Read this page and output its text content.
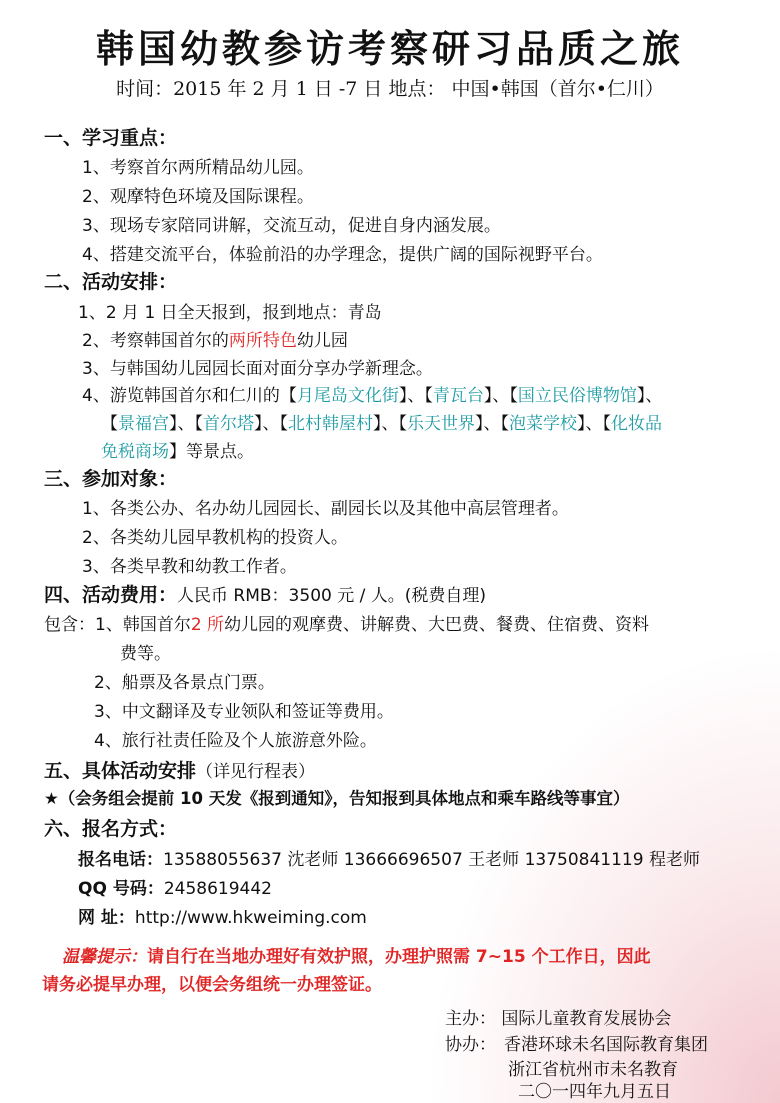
韩国幼教参访考察研习品质之旅
时间：2015 年 2 月 1 日 -7 日 地点： 中国•韩国（首尔•仁川）
一、学习重点：
1、考察首尔两所精品幼儿园。
2、观摩特色环境及国际课程。
3、现场专家陪同讲解，交流互动，促进自身内涵发展。
4、搭建交流平台，体验前沿的办学理念，提供广阔的国际视野平台。
二、活动安排：
1、2 月 1 日全天报到，报到地点：青岛
2、考察韩国首尔的两所特色幼儿园
3、与韩国幼儿园园长面对面分享办学新理念。
4、游览韩国首尔和仁川的【月尾岛文化街】、【青瓦台】、【国立民俗博物馆】、
【景福宫】、【首尔塔】、【北村韩屋村】、【乐天世界】、【泡菜学校】、【化妆品
免税商场】等景点。
三、参加对象：
1、各类公办、名办幼儿园园长、副园长以及其他中高层管理者。
2、各类幼儿园早教机构的投资人。
3、各类早教和幼教工作者。
四、活动费用：人民币 RMB：3500 元 / 人。(税费自理)
包含：1、韩国首尔2 所幼儿园的观摩费、讲解费、大巴费、餐费、住宿费、资料
费等。
2、船票及各景点门票。
3、中文翻译及专业领队和签证等费用。
4、旅行社责任险及个人旅游意外险。
五、具体活动安排（详见行程表）
★（会务组会提前 10 天发《报到通知》，告知报到具体地点和乘车路线等事宜）
六、报名方式：
报名电话：13588055637 沈老师 13666696507 王老师 13750841119 程老师
QQ 号码：2458619442
网 址：http://www.hkweiming.com
温馨提示：请自行在当地办理好有效护照，办理护照需 7~15 个工作日，因此
请务必提早办理，以便会务组统一办理签证。
主办： 国际儿童教育发展协会
协办： 香港环球未名国际教育集团
浙江省杭州市未名教育
二〇一四年九月五日
